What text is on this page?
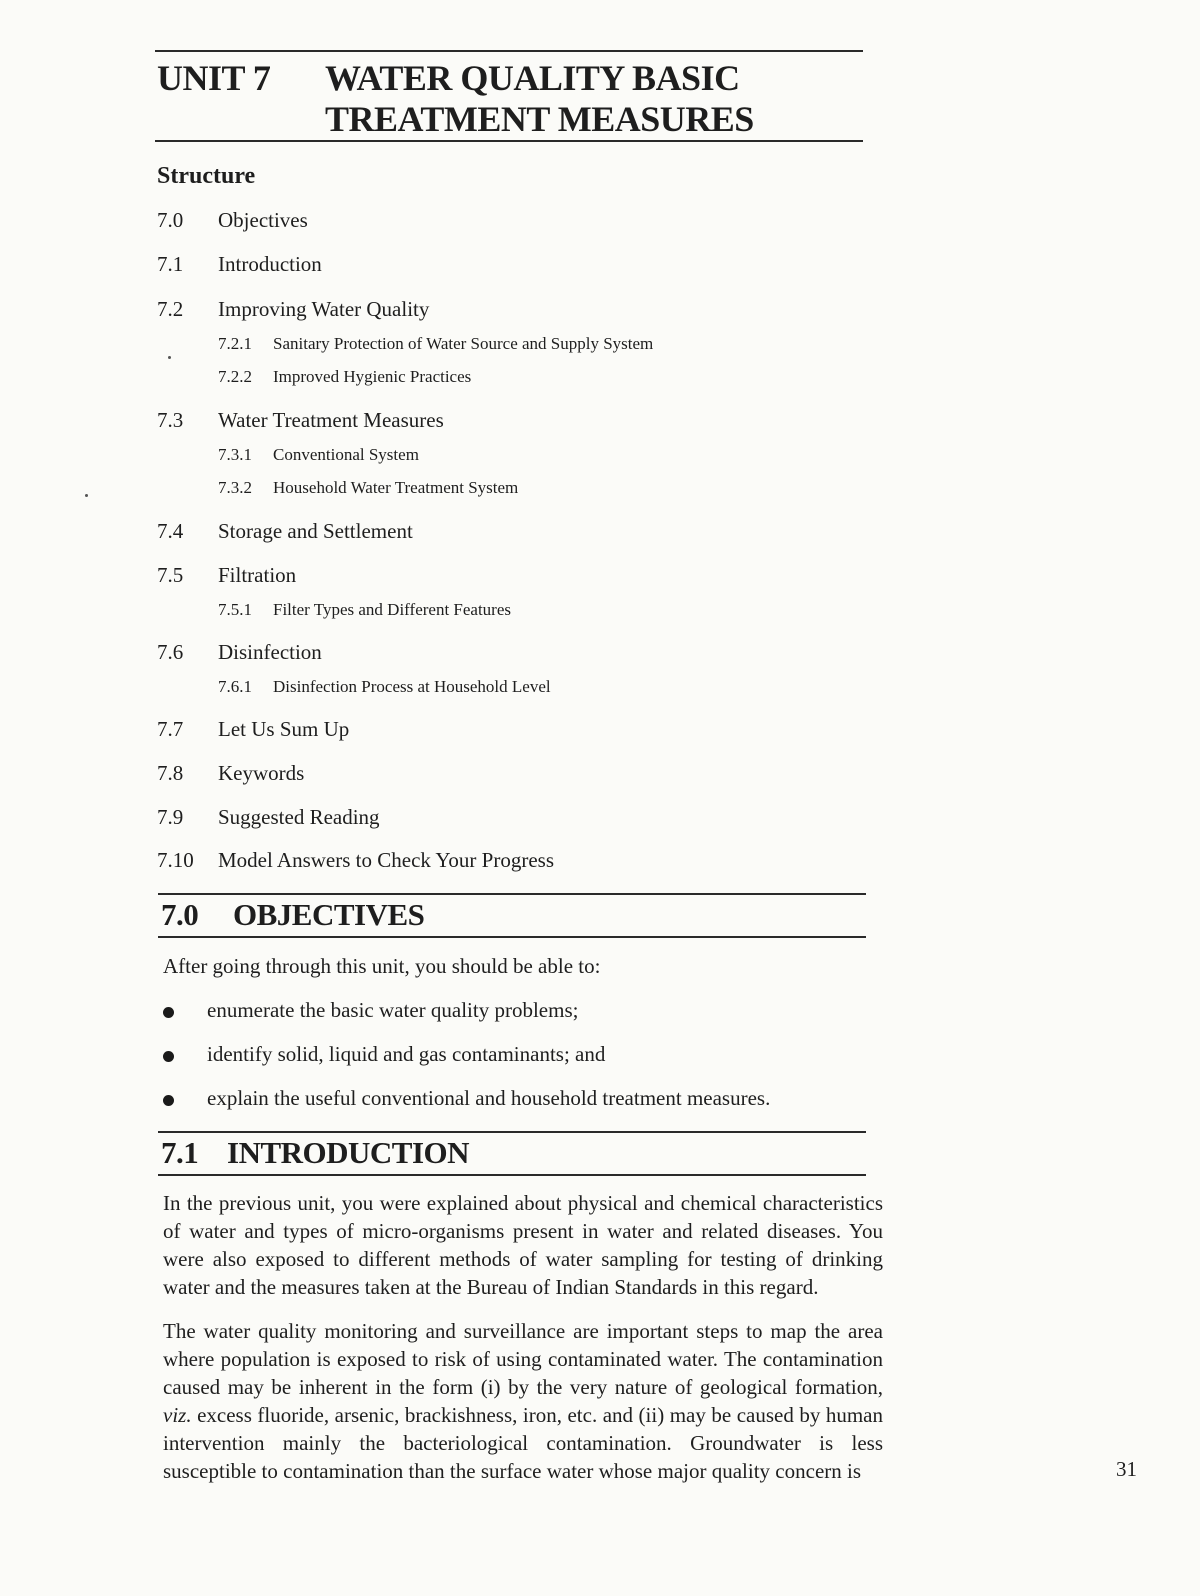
UNIT 7 WATER QUALITY BASIC
TREATMENT MEASURES
Structure
7.0 Objectives
7.1 Introduction
7.2 Improving Water Quality
7.2.1 Sanitary Protection of Water Source and Supply System
7.2.2 Improved Hygienic Practices
7.3 Water Treatment Measures
7.3.1 Conventional System
7.3.2 Household Water Treatment System
7.4 Storage and Settlement
7.5 Filtration
7.5.1 Filter Types and Different Features
7.6 Disinfection
7.6.1 Disinfection Process at Household Level
7.7 Let Us Sum Up
7.8 Keywords
7.9 Suggested Reading
7.10 Model Answers to Check Your Progress
7.0 OBJECTIVES
After going through this unit, you should be able to:
enumerate the basic water quality problems;
identify solid, liquid and gas contaminants; and
explain the useful conventional and household treatment measures.
7.1 INTRODUCTION
In the previous unit, you were explained about physical and chemical characteristics of water and types of micro-organisms present in water and related diseases. You were also exposed to different methods of water sampling for testing of drinking water and the measures taken at the Bureau of Indian Standards in this regard.
The water quality monitoring and surveillance are important steps to map the area where population is exposed to risk of using contaminated water. The contamination caused may be inherent in the form (i) by the very nature of geological formation, viz. excess fluoride, arsenic, brackishness, iron, etc. and (ii) may be caused by human intervention mainly the bacteriological contamination. Groundwater is less susceptible to contamination than the surface water whose major quality concern is	31
